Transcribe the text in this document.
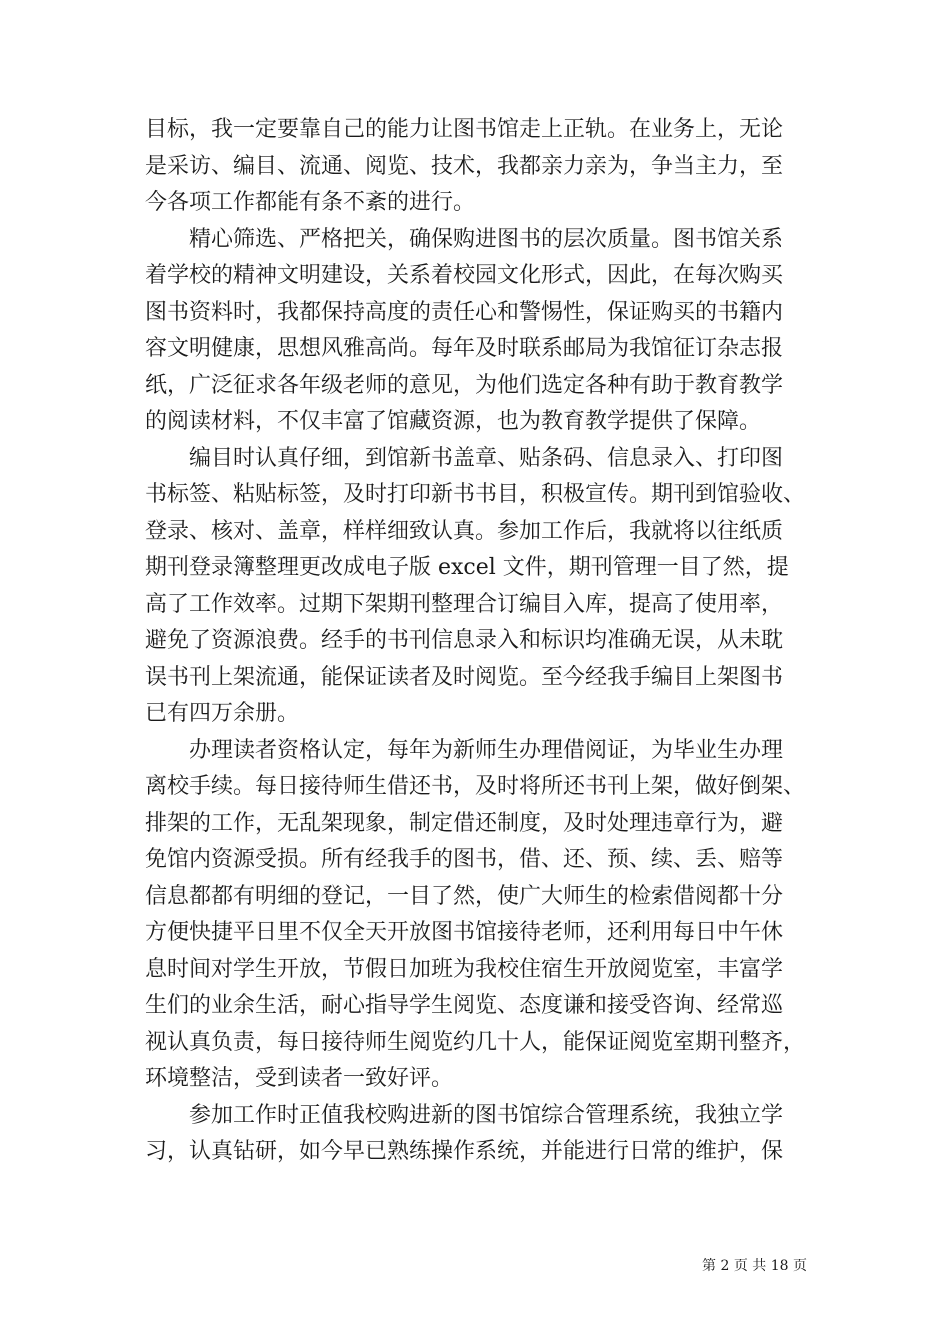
目标，我一定要靠自己的能力让图书馆走上正轨。在业务上，无论
是采访、编目、流通、阅览、技术，我都亲力亲为，争当主力，至
今各项工作都能有条不紊的进行。

精心筛选、严格把关，确保购进图书的层次质量。图书馆关系
着学校的精神文明建设，关系着校园文化形式，因此，在每次购买
图书资料时，我都保持高度的责任心和警惕性，保证购买的书籍内
容文明健康，思想风雅高尚。每年及时联系邮局为我馆征订杂志报
纸，广泛征求各年级老师的意见，为他们选定各种有助于教育教学
的阅读材料，不仅丰富了馆藏资源，也为教育教学提供了保障。

编目时认真仔细，到馆新书盖章、贴条码、信息录入、打印图
书标签、粘贴标签，及时打印新书书目，积极宣传。期刊到馆验收、
登录、核对、盖章，样样细致认真。参加工作后，我就将以往纸质
期刊登录簿整理更改成电子版 excel 文件，期刊管理一目了然，提
高了工作效率。过期下架期刊整理合订编目入库，提高了使用率，
避免了资源浪费。经手的书刊信息录入和标识均准确无误，从未耽
误书刊上架流通，能保证读者及时阅览。至今经我手编目上架图书
已有四万余册。

办理读者资格认定，每年为新师生办理借阅证，为毕业生办理
离校手续。每日接待师生借还书，及时将所还书刊上架，做好倒架、
排架的工作，无乱架现象，制定借还制度，及时处理违章行为，避
免馆内资源受损。所有经我手的图书，借、还、预、续、丢、赔等
信息都都有明细的登记，一目了然，使广大师生的检索借阅都十分
方便快捷平日里不仅全天开放图书馆接待老师，还利用每日中午休
息时间对学生开放，节假日加班为我校住宿生开放阅览室，丰富学
生们的业余生活，耐心指导学生阅览、态度谦和接受咨询、经常巡
视认真负责，每日接待师生阅览约几十人，能保证阅览室期刊整齐，
环境整洁，受到读者一致好评。

参加工作时正值我校购进新的图书馆综合管理系统，我独立学
习，认真钻研，如今早已熟练操作系统，并能进行日常的维护，保

第 2 页 共 18 页
